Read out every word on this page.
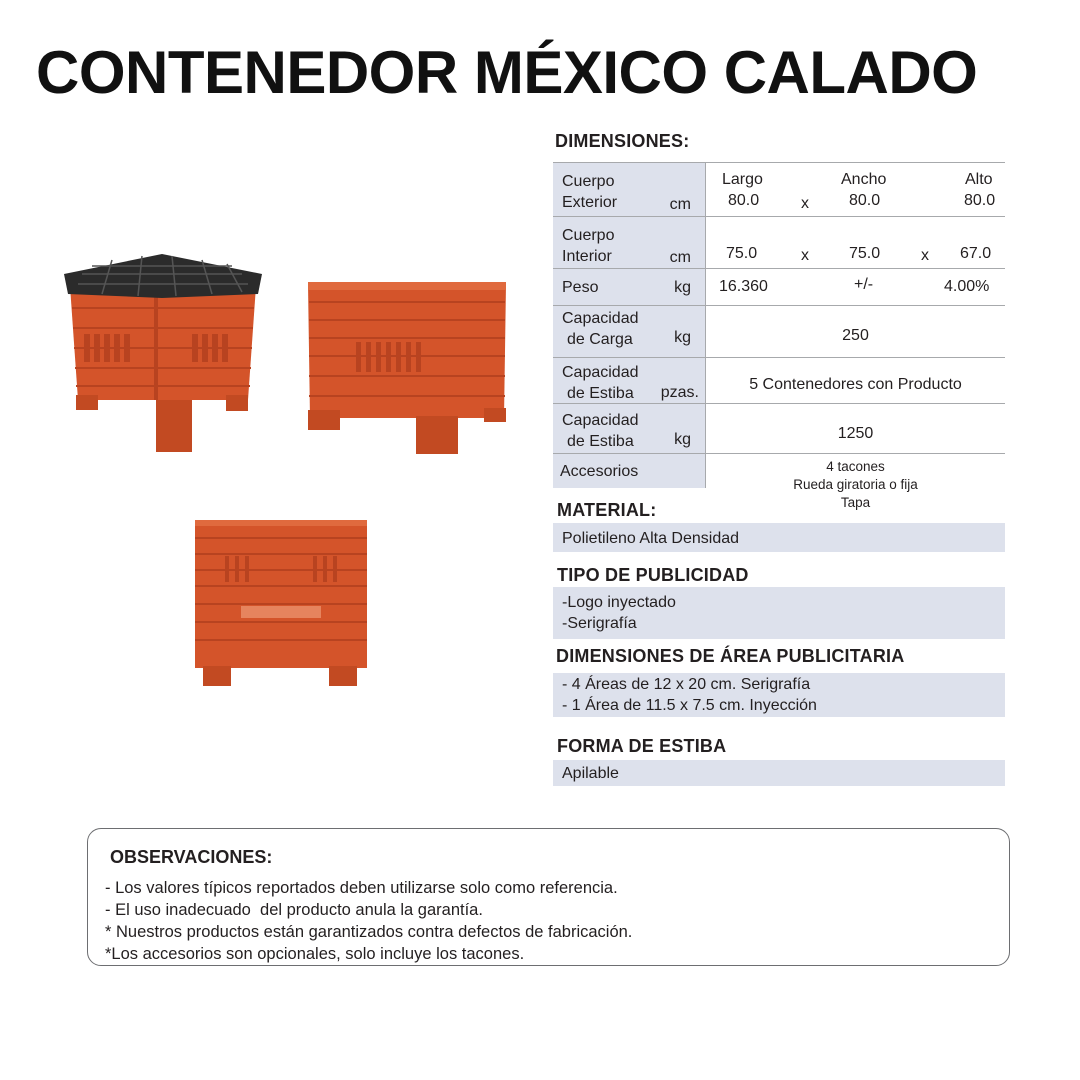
CONTENEDOR MÉXICO CALADO
DIMENSIONES:
Cuerpo
Exterior	cm
Largo	Ancho	Alto
80.0	x	80.0	80.0
Cuerpo
Interior	cm 75.0	x	75.0	x 67.0
Peso	kg 16.360	+/-	4.00%
Capacidad
de Carga	kg	250
Capacidad
de Estiba pzas.	5 Contenedores con Producto
Capacidad
de Estiba	kg	1250
Accesorios	4 tacones
Rueda giratoria o fija
Tapa
MATERIAL:
Polietileno Alta Densidad
TIPO DE PUBLICIDAD
-Logo inyectado
-Serigrafía
DIMENSIONES DE ÁREA PUBLICITARIA
- 4 Áreas de 12 x 20 cm. Serigrafía
- 1 Área de 11.5 x 7.5 cm. Inyección
FORMA DE ESTIBA
Apilable
OBSERVACIONES:
- Los valores típicos reportados deben utilizarse solo como referencia.
- El uso inadecuado  del producto anula la garantía.
* Nuestros productos están garantizados contra defectos de fabricación.
*Los accesorios son opcionales, solo incluye los tacones.
